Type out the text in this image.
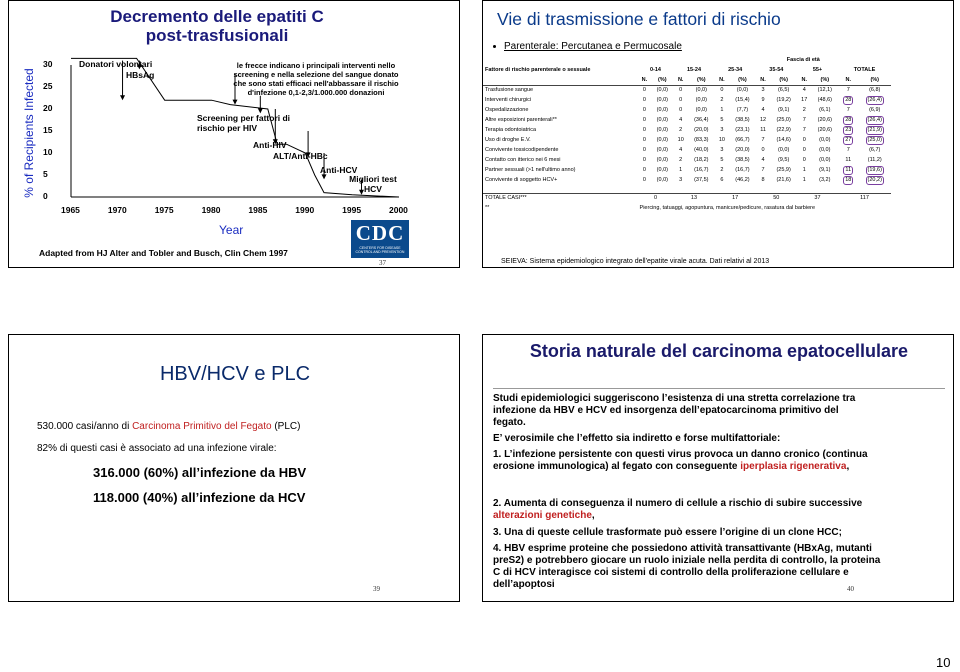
Decremento delle epatiti C post-trasfusionali
% of Recipients Infected
30
25
20
15
10
5
0
1965	1970	1975	1980	1985	1990	1995	2000
Donatori volontari
HBsAg
Screening per fattori di rischio per HIV
Anti-HIV
ALT/Anti-HBc
Anti-HCV
Migliori test HCV
le frecce indicano i principali interventi nello screening e nella selezione del sangue donato che sono stati efficaci nell'abbassare il rischio d'infezione 0,1-2,3/1.000.000 donazioni
Year
Adapted from HJ Alter and Tobler and Busch, Clin Chem 1997
CDC
CENTERS FOR DISEASE CONTROL AND PREVENTION
37
Vie di trasmissione e fattori di rischio
Parenterale: Percutanea e Permucosale
	Fascia di età											
Fattore di rischio parenterale o sessuale	0-14		15-24		25-34		35-54		55+		TOTALE	
	N.	(%)	N.	(%)	N.	(%)	N.	(%)	N.	(%)	N.	(%)
Trasfusione sangue	0	(0,0)	0	(0,0)	0	(0,0)	3	(6,5)	4	(12,1)	7	(6,8)
Interventi chirurgici	0	(0,0)	0	(0,0)	2	(15,4)	9	(19,2)	17	(48,6)	28	(26,4)
Ospedalizzazione	0	(0,0)	0	(0,0)	1	(7,7)	4	(9,1)	2	(6,1)	7	(6,9)
Altre esposizioni parenterali**	0	(0,0)	4	(36,4)	5	(38,5)	12	(25,0)	7	(20,6)	28	(26,4)
Terapia odontoiatrica	0	(0,0)	2	(20,0)	3	(23,1)	11	(22,9)	7	(20,6)	23	(21,9)
Uso di droghe E.V.	0	(0,0)	10	(83,3)	10	(66,7)	7	(14,6)	0	(0,0)	27	(25,0)
Convivente tossicodipendente	0	(0,0)	4	(40,0)	3	(20,0)	0	(0,0)	0	(0,0)	7	(6,7)
Contatto con itterico nei 6 mesi	0	(0,0)	2	(18,2)	5	(38,5)	4	(9,5)	0	(0,0)	11	(11,2)
Partner sessuali (>1 nell'ultimo anno)	0	(0,0)	1	(16,7)	2	(16,7)	7	(25,9)	1	(9,1)	11	(19,6)
Convivente di soggetto HCV+	0	(0,0)	3	(37,5)	6	(46,2)	8	(21,6)	1	(3,2)	18	(20,2)

TOTALE CASI***	0		13		17		50		37		117	
**	Piercing, tatuaggi, agopuntura, manicure/pedicure, rasatura dal barbiere											
SEIEVA: Sistema epidemiologico integrato dell'epatite virale acuta. Dati relativi al 2013
HBV/HCV e PLC
530.000 casi/anno di Carcinoma Primitivo del Fegato (PLC)
82% di questi casi è associato ad una infezione virale:
316.000 (60%) all’infezione da HBV
118.000 (40%) all’infezione da HCV
39
Storia naturale del carcinoma epatocellulare
Studi epidemiologici suggeriscono l’esistenza di una stretta correlazione tra infezione da HBV e HCV ed insorgenza dell’epatocarcinoma primitivo del fegato.
E’ verosimile che l’effetto sia indiretto e forse multifattoriale:
1. L’infezione persistente con questi virus provoca un danno cronico (continua erosione immunologica) al fegato con conseguente iperplasia rigenerativa,
2. Aumenta di conseguenza il numero di cellule a rischio di subire successive alterazioni genetiche,
3. Una di queste cellule trasformate può essere l’origine di un clone HCC;
4. HBV esprime proteine che possiedono attività transattivante (HBxAg, mutanti preS2) e potrebbero giocare un ruolo iniziale nella perdita di controllo, la proteina C di HCV interagisce coi sistemi di controllo della proliferazione cellulare e dell’apoptosi	40
10
